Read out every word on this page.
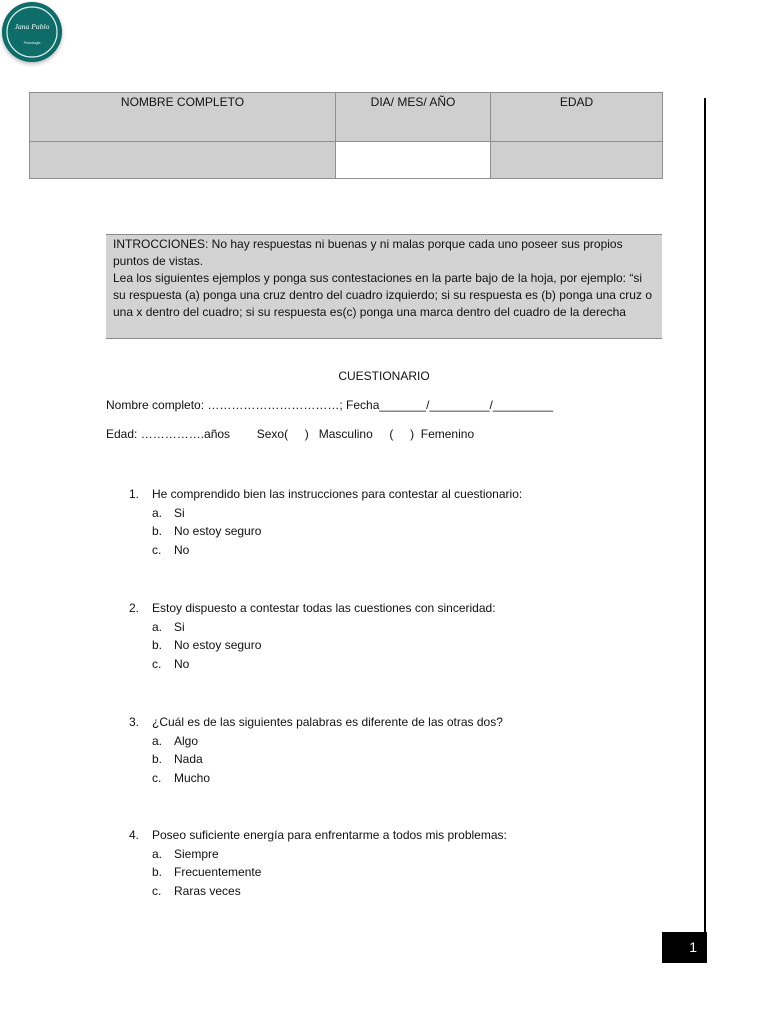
Jana Pablo
Psicologia
NOMBRE COMPLETO	DIA/ MES/ AÑO	EDAD

INTROCCIONES: No hay respuestas ni buenas y ni malas porque cada uno poseer sus propios puntos de vistas.

Lea los siguientes ejemplos y ponga sus contestaciones en la parte bajo de la hoja, por ejemplo: “si su respuesta (a) ponga una cruz dentro del cuadro izquierdo; si su respuesta es (b) ponga una cruz o una x dentro del cuadro; si su respuesta es(c) ponga una marca dentro del cuadro de la derecha

CUESTIONARIO
Nombre completo: ……………………………; Fecha_______/_________/_________
Edad: …………….años        Sexo(     )   Masculino     (     )  Femenino
1. He comprendido bien las instrucciones para contestar al cuestionario:
a. Si
b. No estoy seguro
c. No
2. Estoy dispuesto a contestar todas las cuestiones con sinceridad:
a. Si
b. No estoy seguro
c. No
3. ¿Cuál es de las siguientes palabras es diferente de las otras dos?
a. Algo
b. Nada
c. Mucho
4. Poseo suficiente energía para enfrentarme a todos mis problemas:
a. Siempre
b. Frecuentemente
c. Raras veces
1
